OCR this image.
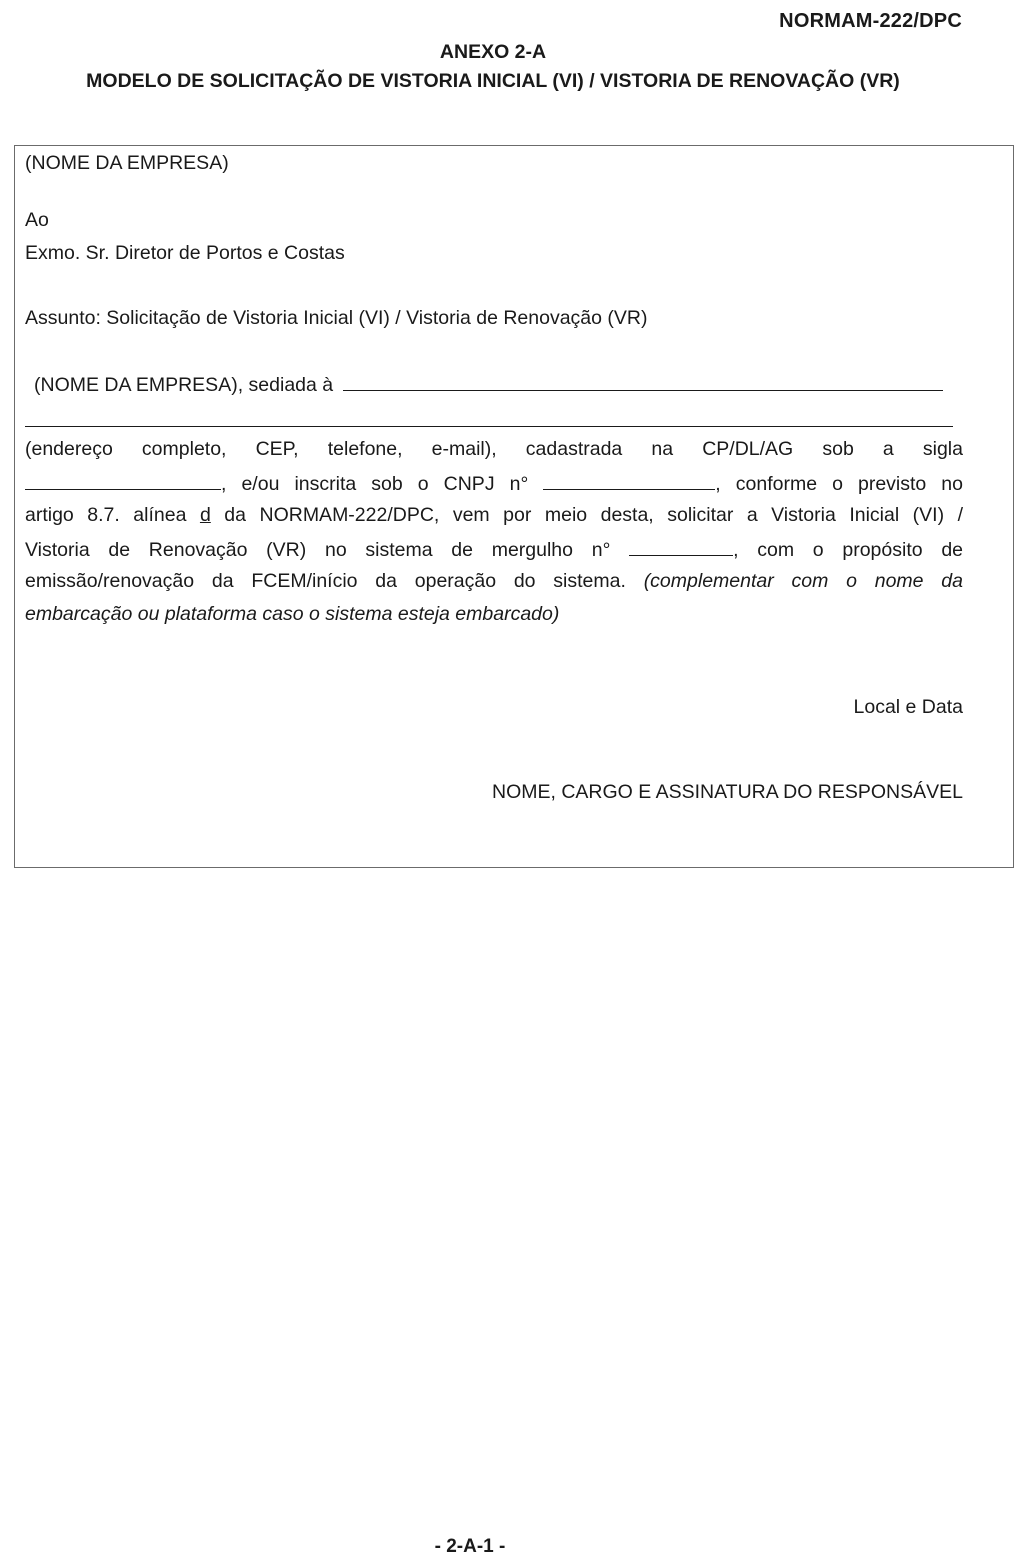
NORMAM-222/DPC
ANEXO 2-A
MODELO DE SOLICITAÇÃO DE VISTORIA INICIAL (VI) / VISTORIA DE RENOVAÇÃO (VR)
(NOME DA EMPRESA)
Ao
Exmo. Sr. Diretor de Portos e Costas
Assunto: Solicitação de Vistoria Inicial (VI) / Vistoria de Renovação (VR)
(NOME DA EMPRESA), sediada à
(endereço completo, CEP, telefone, e-mail), cadastrada na CP/DL/AG sob a sigla
, e/ou inscrita sob o CNPJ n°	, conforme o previsto no
artigo 8.7. alínea d da NORMAM-222/DPC, vem por meio desta, solicitar a Vistoria Inicial (VI) /
Vistoria de Renovação (VR) no sistema de mergulho n°	, com o propósito de
emissão/renovação da FCEM/início da operação do sistema. (complementar com o nome da
embarcação ou plataforma caso o sistema esteja embarcado)
Local e Data
NOME, CARGO E ASSINATURA DO RESPONSÁVEL
- 2-A-1 -
